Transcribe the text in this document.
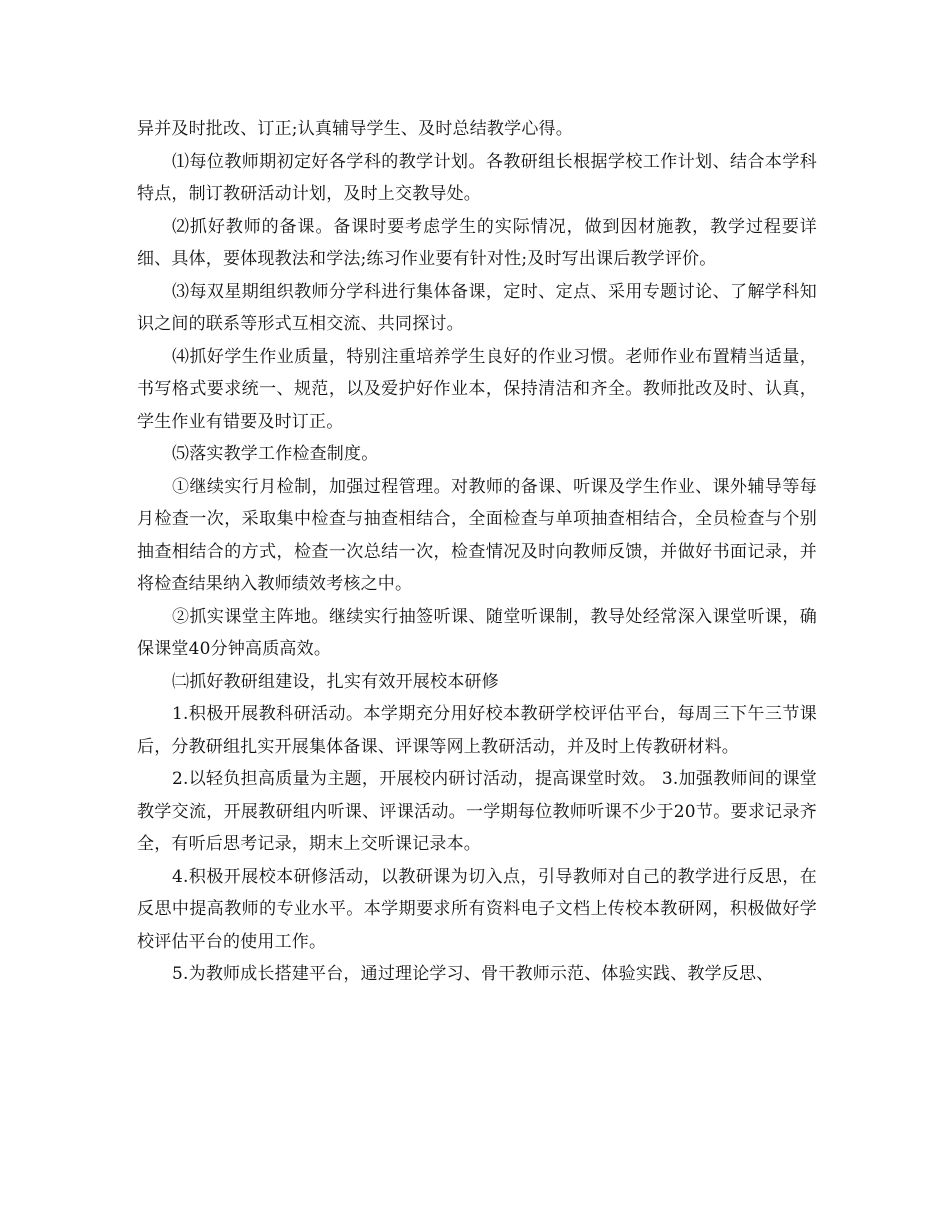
异并及时批改、订正;认真辅导学生、及时总结教学心得。

⑴每位教师期初定好各学科的教学计划。各教研组长根据学校工作计划、结合本学科特点，制订教研活动计划，及时上交教导处。

⑵抓好教师的备课。备课时要考虑学生的实际情况，做到因材施教，教学过程要详细、具体，要体现教法和学法;练习作业要有针对性;及时写出课后教学评价。

⑶每双星期组织教师分学科进行集体备课，定时、定点、采用专题讨论、了解学科知识之间的联系等形式互相交流、共同探讨。

⑷抓好学生作业质量，特别注重培养学生良好的作业习惯。老师作业布置精当适量，书写格式要求统一、规范，以及爱护好作业本，保持清洁和齐全。教师批改及时、认真，学生作业有错要及时订正。

⑸落实教学工作检查制度。

①继续实行月检制，加强过程管理。对教师的备课、听课及学生作业、课外辅导等每月检查一次，采取集中检查与抽查相结合，全面检查与单项抽查相结合，全员检查与个别抽查相结合的方式，检查一次总结一次，检查情况及时向教师反馈，并做好书面记录，并将检查结果纳入教师绩效考核之中。

②抓实课堂主阵地。继续实行抽签听课、随堂听课制，教导处经常深入课堂听课，确保课堂40分钟高质高效。

㈡抓好教研组建设，扎实有效开展校本研修

1.积极开展教科研活动。本学期充分用好校本教研学校评估平台，每周三下午三节课后，分教研组扎实开展集体备课、评课等网上教研活动，并及时上传教研材料。

2.以轻负担高质量为主题，开展校内研讨活动，提高课堂时效。 3.加强教师间的课堂教学交流，开展教研组内听课、评课活动。一学期每位教师听课不少于20节。要求记录齐全，有听后思考记录，期末上交听课记录本。

4.积极开展校本研修活动，以教研课为切入点，引导教师对自己的教学进行反思，在反思中提高教师的专业水平。本学期要求所有资料电子文档上传校本教研网，积极做好学校评估平台的使用工作。

5.为教师成长搭建平台，通过理论学习、骨干教师示范、体验实践、教学反思、
